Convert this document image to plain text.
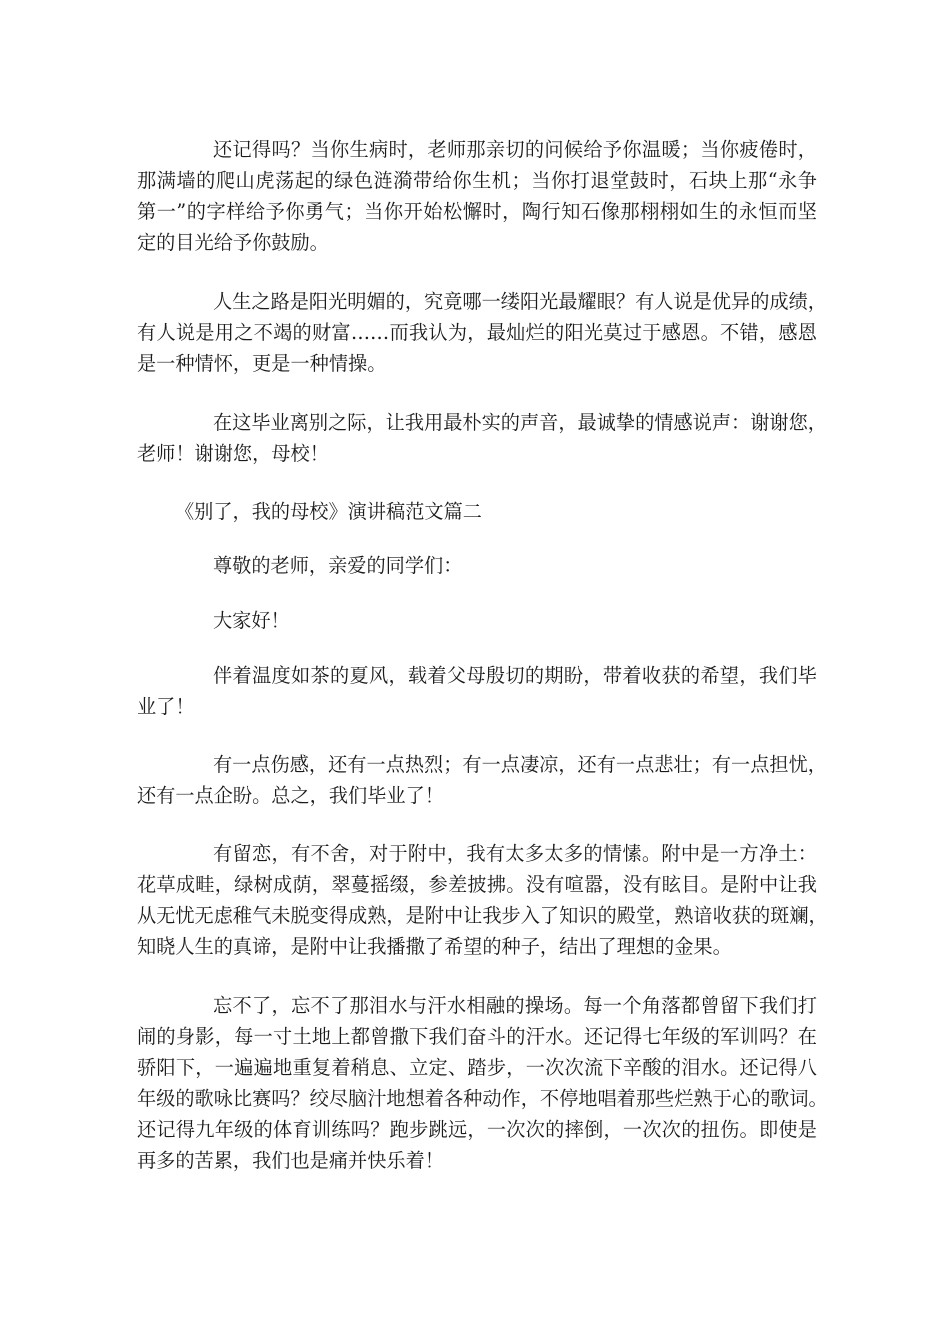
还记得吗？当你生病时，老师那亲切的问候给予你温暖；当你疲倦时，
那满墙的爬山虎荡起的绿色涟漪带给你生机；当你打退堂鼓时，石块上那“永争
第一”的字样给予你勇气；当你开始松懈时，陶行知石像那栩栩如生的永恒而坚
定的目光给予你鼓励。
人生之路是阳光明媚的，究竟哪一缕阳光最耀眼？有人说是优异的成绩，
有人说是用之不竭的财富……而我认为，最灿烂的阳光莫过于感恩。不错，感恩
是一种情怀，更是一种情操。
在这毕业离别之际，让我用最朴实的声音，最诚挚的情感说声：谢谢您，
老师！谢谢您，母校！
《别了，我的母校》演讲稿范文篇二
尊敬的老师，亲爱的同学们：
大家好！
伴着温度如茶的夏风，载着父母殷切的期盼，带着收获的希望，我们毕
业了！
有一点伤感，还有一点热烈；有一点凄凉，还有一点悲壮；有一点担忧，
还有一点企盼。总之，我们毕业了！
有留恋，有不舍，对于附中，我有太多太多的情愫。附中是一方净土：
花草成畦，绿树成荫，翠蔓摇缀，参差披拂。没有喧嚣，没有眩目。是附中让我
从无忧无虑稚气未脱变得成熟，是附中让我步入了知识的殿堂，熟谙收获的斑斓，
知晓人生的真谛，是附中让我播撒了希望的种子，结出了理想的金果。
忘不了，忘不了那泪水与汗水相融的操场。每一个角落都曾留下我们打
闹的身影，每一寸土地上都曾撒下我们奋斗的汗水。还记得七年级的军训吗？在
骄阳下，一遍遍地重复着稍息、立定、踏步，一次次流下辛酸的泪水。还记得八
年级的歌咏比赛吗？绞尽脑汁地想着各种动作，不停地唱着那些烂熟于心的歌词。
还记得九年级的体育训练吗？跑步跳远，一次次的摔倒，一次次的扭伤。即使是
再多的苦累，我们也是痛并快乐着！
